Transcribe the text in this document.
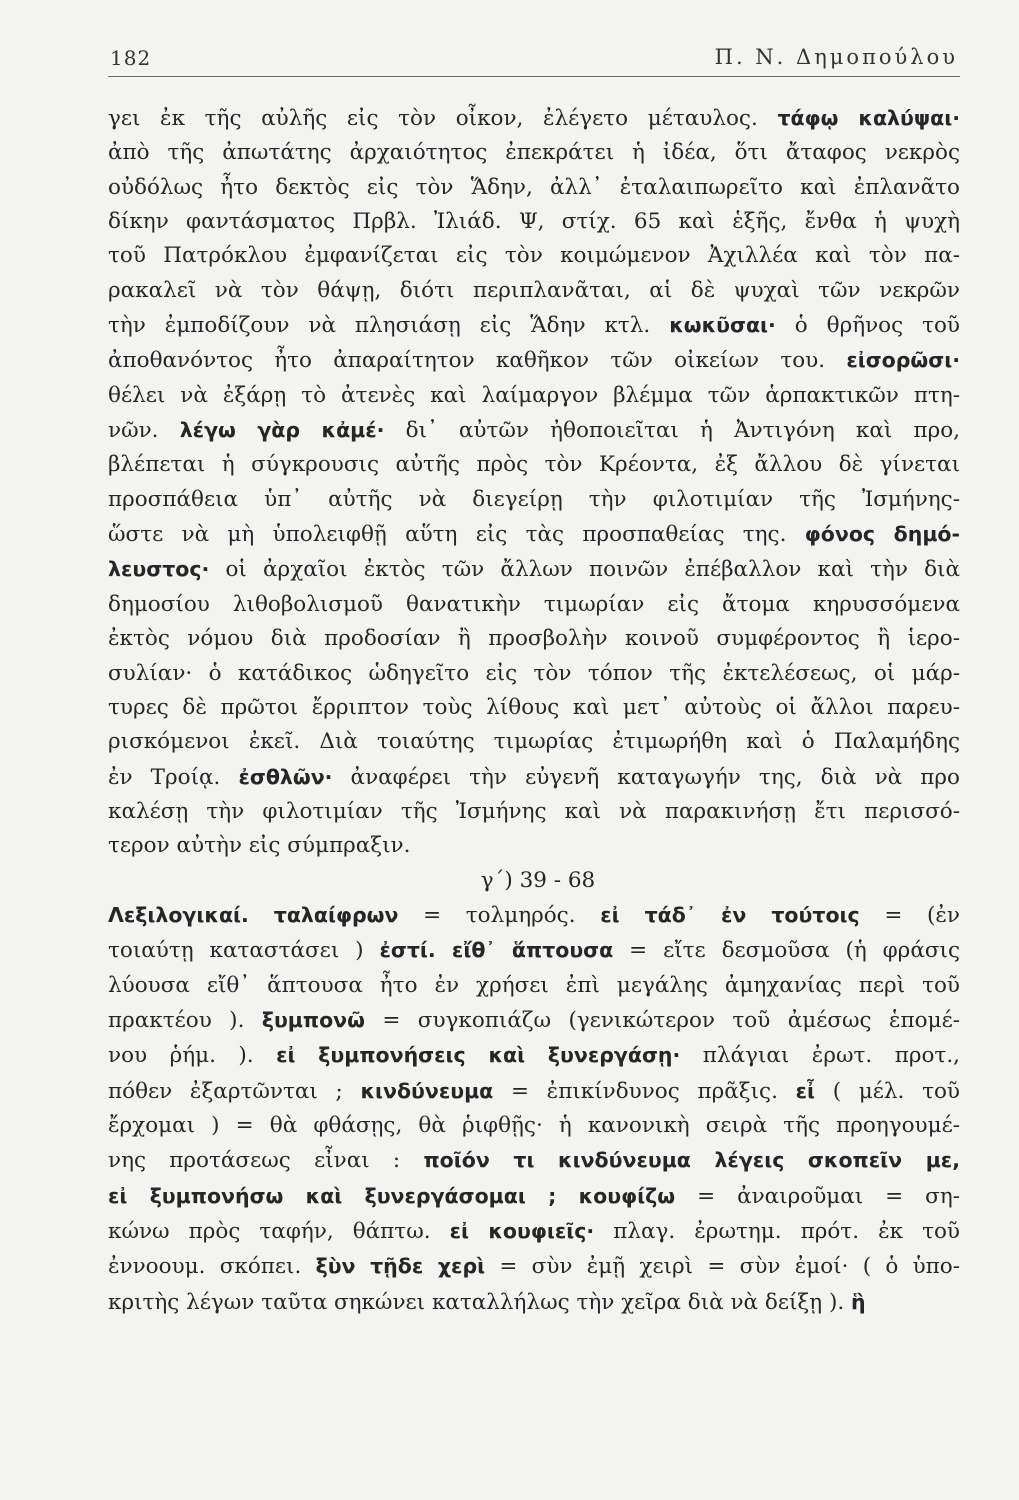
182	Π. Ν. Δημοπούλου
γει ἐκ τῆς αὐλῆς εἰς τὸν οἶκον, ἐλέγετο μέταυλος. τάφῳ καλύψαι·
ἀπὸ τῆς ἀπωτάτης ἀρχαιότητος ἐπεκράτει ἡ ἰδέα, ὅτι ἄταφος νεκρὸς
οὐδόλως ἦτο δεκτὸς εἰς τὸν Ἅδην, ἀλλ᾽ ἐταλαιπωρεῖτο καὶ ἐπλανᾶτο
δίκην φαντάσματος Πρβλ. Ἰλιάδ. Ψ, στίχ. 65 καὶ ἑξῆς, ἔνθα ἡ ψυχὴ
τοῦ Πατρόκλου ἐμφανίζεται εἰς τὸν κοιμώμενον Ἀχιλλέα καὶ τὸν πα-
ρακαλεῖ νὰ τὸν θάψῃ, διότι περιπλανᾶται, αἱ δὲ ψυχαὶ τῶν νεκρῶν
τὴν ἐμποδίζουν νὰ πλησιάσῃ εἰς Ἅδην κτλ. κωκῦσαι· ὁ θρῆνος τοῦ
ἀποθανόντος ἦτο ἀπαραίτητον καθῆκον τῶν οἰκείων του. εἰσορῶσι·
θέλει νὰ ἐξάρῃ τὸ ἀτενὲς καὶ λαίμαργον βλέμμα τῶν ἁρπακτικῶν πτη-
νῶν. λέγω γὰρ κἀμέ· δι᾽ αὐτῶν ἠθοποιεῖται ἡ Ἀντιγόνη καὶ προ,
βλέπεται ἡ σύγκρουσις αὐτῆς πρὸς τὸν Κρέοντα, ἐξ ἄλλου δὲ γίνεται
προσπάθεια ὑπ᾽ αὐτῆς νὰ διεγείρῃ τὴν φιλοτιμίαν τῆς Ἰσμήνης-
ὥστε νὰ μὴ ὑπολειφθῇ αὕτη εἰς τὰς προσπαθείας της. φόνος δημό-
λευστος· οἱ ἀρχαῖοι ἐκτὸς τῶν ἄλλων ποινῶν ἐπέβαλλον καὶ τὴν διὰ
δημοσίου λιθοβολισμοῦ θανατικὴν τιμωρίαν εἰς ἄτομα κηρυσσόμενα
ἐκτὸς νόμου διὰ προδοσίαν ἢ προσβολὴν κοινοῦ συμφέροντος ἢ ἱερο-
συλίαν· ὁ κατάδικος ὡδηγεῖτο εἰς τὸν τόπον τῆς ἐκτελέσεως, οἱ μάρ-
τυρες δὲ πρῶτοι ἔρριπτον τοὺς λίθους καὶ μετ᾽ αὐτοὺς οἱ ἄλλοι παρευ-
ρισκόμενοι ἐκεῖ. Διὰ τοιαύτης τιμωρίας ἐτιμωρήθη καὶ ὁ Παλαμήδης
ἐν Τροίᾳ. ἐσθλῶν· ἀναφέρει τὴν εὐγενῆ καταγωγήν της, διὰ νὰ προ
καλέσῃ τὴν φιλοτιμίαν τῆς Ἰσμήνης καὶ νὰ παρακινήσῃ ἔτι περισσό-
τερον αὐτὴν εἰς σύμπραξιν.
γ´) 39 - 68
Λεξιλογικαί. ταλαίφρων = τολμηρός. εἰ τάδ᾽ ἐν τούτοις = (ἐν
τοιαύτῃ καταστάσει ) ἐστί. εἴθ᾽ ἅπτουσα = εἴτε δεσμοῦσα (ἡ φράσις
λύουσα εἴθ᾽ ἅπτουσα ἦτο ἐν χρήσει ἐπὶ μεγάλης ἀμηχανίας περὶ τοῦ
πρακτέου ). ξυμπονῶ = συγκοπιάζω (γενικώτερον τοῦ ἀμέσως ἑπομέ-
νου ῥήμ. ). εἰ ξυμπονήσεις καὶ ξυνεργάσῃ· πλάγιαι ἐρωτ. προτ.,
πόθεν ἐξαρτῶνται ; κινδύνευμα = ἐπικίνδυνος πρᾶξις. εἶ ( μέλ. τοῦ
ἔρχομαι ) = θὰ φθάσῃς, θὰ ῥιφθῇς· ἡ κανονικὴ σειρὰ τῆς προηγουμέ-
νης προτάσεως εἶναι : ποῖόν τι κινδύνευμα λέγεις σκοπεῖν με,
εἰ ξυμπονήσω καὶ ξυνεργάσομαι ; κουφίζω = ἀναιροῦμαι = ση-
κώνω πρὸς ταφήν, θάπτω. εἰ κουφιεῖς· πλαγ. ἐρωτημ. πρότ. ἐκ τοῦ
ἐννοουμ. σκόπει. ξὺν τῇδε χερὶ = σὺν ἐμῇ χειρὶ = σὺν ἐμοί· ( ὁ ὑπο-
κριτὴς λέγων ταῦτα σηκώνει καταλλήλως τὴν χεῖρα διὰ νὰ δείξῃ ). ἣ
